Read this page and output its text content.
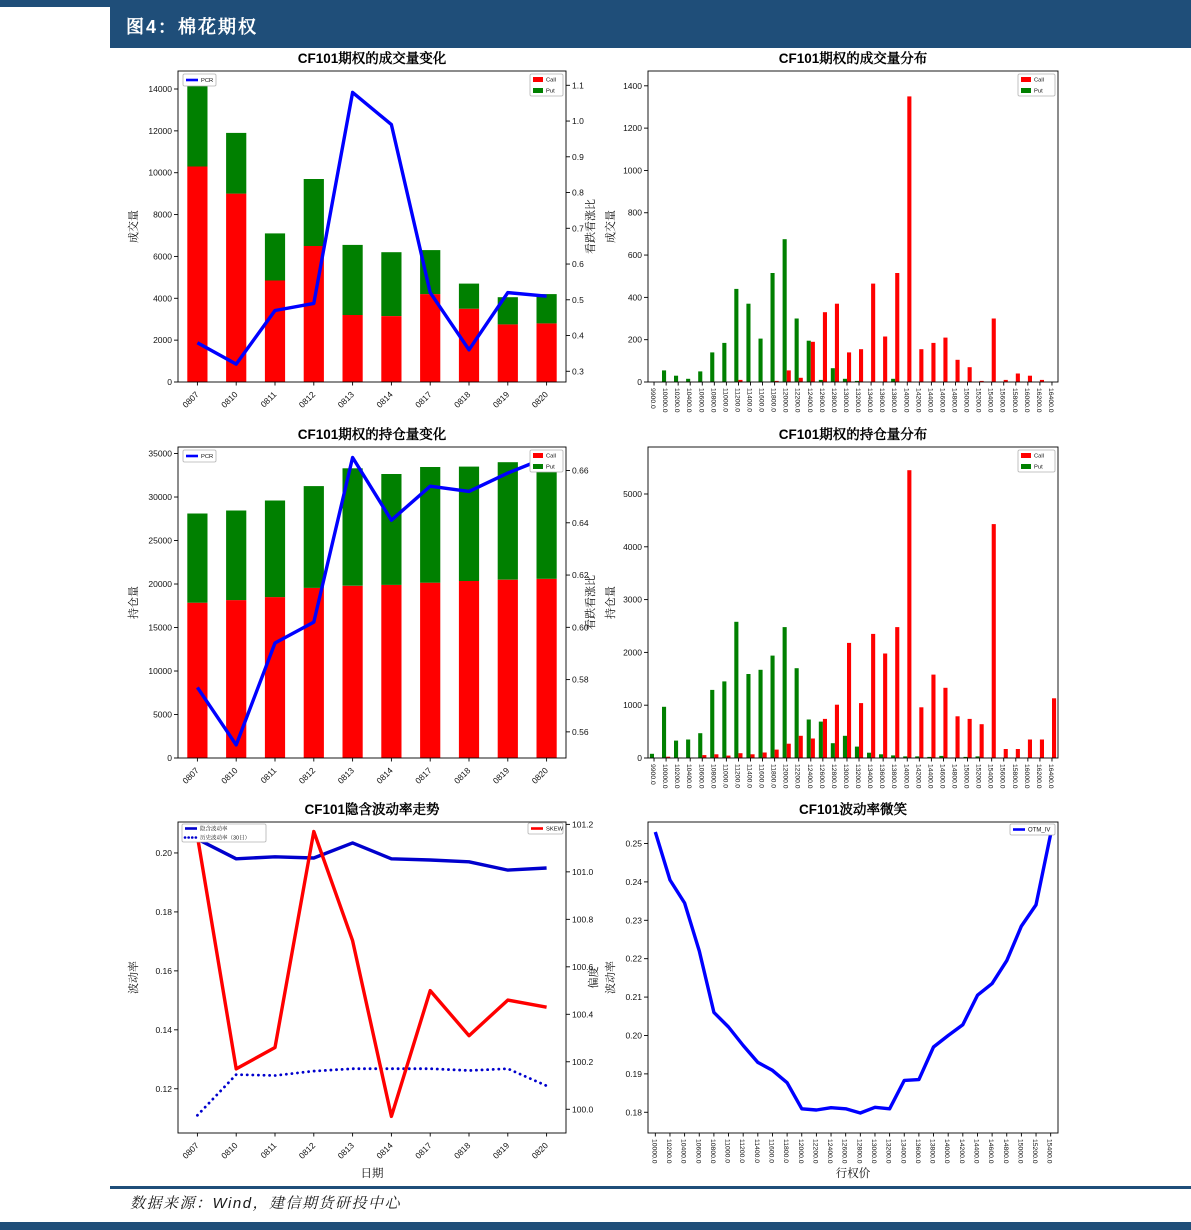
图4：棉花期权
0
2000
4000
6000
8000
10000
12000
14000
0.3
0.4
0.5
0.6
0.7
0.8
0.9
1.0
1.1
0807 0810 0811 0812 0813 0814 0817 0818 0819 0820
成交量	看跌看涨比
CF101期权的成交量变化
PCR	Call
Put
0
200
400
600
800
1000
1200
1400
9900.0 10000.0 10200.0 10400.0 10600.0 10800.0 11000.0 11200.0 11400.0 11600.0 11800.0 12000.0 12200.0 12400.0 12600.0 12800.0 13000.0 13200.0 13400.0 13600.0 13800.0 14000.0 14200.0 14400.0 14600.0 14800.0 15000.0 15200.0 15400.0 15600.0 15800.0 16000.0 16200.0 16400.0
成交量
CF101期权的成交量分布
Call
Put
0
5000
10000
15000
20000
25000
30000
35000
0.56
0.58
0.60
0.62
0.64
0.66
0807 0810 0811 0812 0813 0814 0817 0818 0819 0820
持仓量	看跌看涨比
CF101期权的持仓量变化
PCR	Call
Put
0
1000
2000
3000
4000
5000
9900.0 10000.0 10200.0 10400.0 10600.0 10800.0 11000.0 11200.0 11400.0 11600.0 11800.0 12000.0 12200.0 12400.0 12600.0 12800.0 13000.0 13200.0 13400.0 13600.0 13800.0 14000.0 14200.0 14400.0 14600.0 14800.0 15000.0 15200.0 15400.0 15600.0 15800.0 16000.0 16200.0 16400.0
持仓量
CF101期权的持仓量分布
Call
Put
0.12
0.14
0.16
0.18
0.20
100.0
100.2
100.4
100.6
100.8
101.0
101.2
0807 0810 0811 0812 0813 0814 0817 0818 0819 0820
波动率	偏度
日期
CF101隐含波动率走势
隐含波动率
历史波动率（30日）
SKEW
0.18
0.19
0.20
0.21
0.22
0.23
0.24
0.25
10000.0 10200.0 10400.0 10600.0 10800.0 11000.0 11200.0 11400.0 11600.0 11800.0 12000.0 12200.0 12400.0 12600.0 12800.0 13000.0 13200.0 13400.0 13600.0 13800.0 14000.0 14200.0 14400.0 14600.0 14800.0 15000.0 15200.0 15400.0
波动率
行权价
CF101波动率微笑
OTM_IV
数据来源：Wind，建信期货研投中心
